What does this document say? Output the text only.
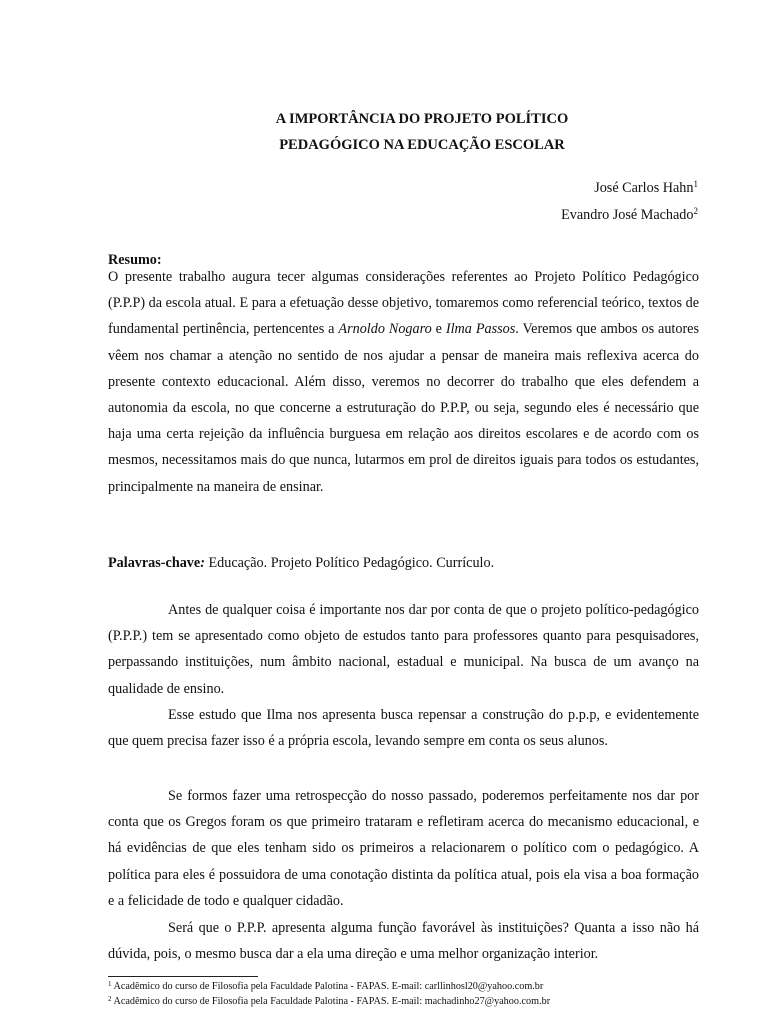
A IMPORTÂNCIA DO PROJETO POLÍTICO
PEDAGÓGICO NA EDUCAÇÃO ESCOLAR
José Carlos Hahn$^1$
Evandro José Machado$^2$
Resumo:

O presente trabalho augura tecer algumas considerações referentes ao Projeto Político Pedagógico (P.P.P) da escola atual. E para a efetuação desse objetivo, tomaremos como referencial teórico, textos de fundamental pertinência, pertencentes a Arnoldo Nogaro e Ilma Passos. Veremos que ambos os autores vêem nos chamar a atenção no sentido de nos ajudar a pensar de maneira mais reflexiva acerca do presente contexto educacional. Além disso, veremos no decorrer do trabalho que eles defendem a autonomia da escola, no que concerne a estruturação do P.P.P, ou seja, segundo eles é necessário que haja uma certa rejeição da influência burguesa em relação aos direitos escolares e de acordo com os mesmos, necessitamos mais do que nunca, lutarmos em prol de direitos iguais para todos os estudantes, principalmente na maneira de ensinar.

Palavras-chave: Educação. Projeto Político Pedagógico. Currículo.

Antes de qualquer coisa é importante nos dar por conta de que o projeto político-pedagógico (P.P.P.) tem se apresentado como objeto de estudos tanto para professores quanto para pesquisadores, perpassando instituições, num âmbito nacional, estadual e municipal. Na busca de um avanço na qualidade de ensino.

Esse estudo que Ilma nos apresenta busca repensar a construção do p.p.p, e evidentemente que quem precisa fazer isso é a própria escola, levando sempre em conta os seus alunos.

Se formos fazer uma retrospecção do nosso passado, poderemos perfeitamente nos dar por conta que os Gregos foram os que primeiro trataram e refletiram acerca do mecanismo educacional, e há evidências de que eles tenham sido os primeiros a relacionarem o político com o pedagógico. A política para eles é possuidora de uma conotação distinta da política atual, pois ela visa a boa formação e a felicidade de todo e qualquer cidadão.

Será que o P.P.P. apresenta alguma função favorável às instituições? Quanta a isso não há dúvida, pois, o mesmo busca dar a ela uma direção e uma melhor organização interior.

$^1$ Acadêmico do curso de Filosofia pela Faculdade Palotina - FAPAS. E-mail: carllinhosl20@yahoo.com.br
$^2$ Acadêmico do curso de Filosofia pela Faculdade Palotina - FAPAS. E-mail: machadinho27@yahoo.com.br
